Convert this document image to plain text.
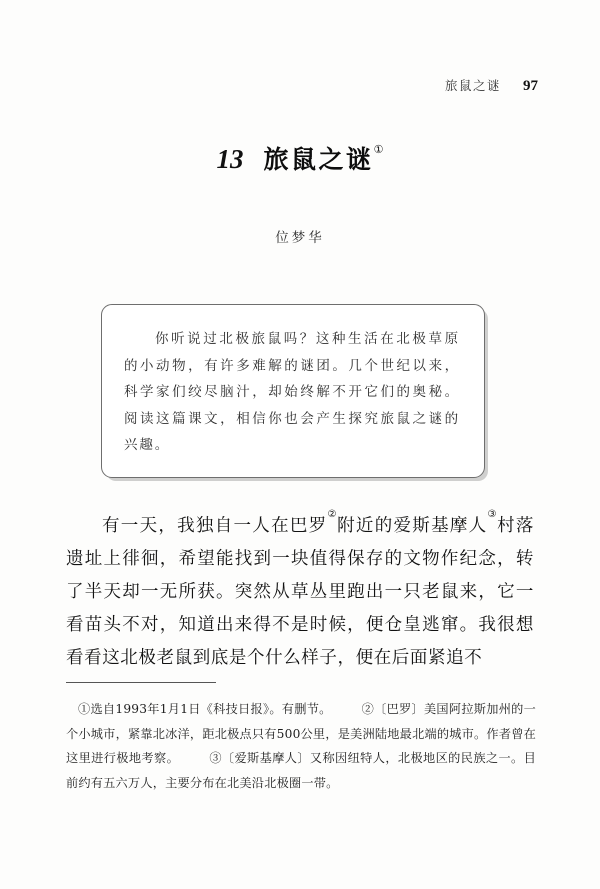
旅鼠之谜 97
13 旅鼠之谜①
位梦华
你听说过北极旅鼠吗？这种生活在北极草原的小动物，有许多难解的谜团。几个世纪以来，科学家们绞尽脑汁，却始终解不开它们的奥秘。阅读这篇课文，相信你也会产生探究旅鼠之谜的兴趣。
有一天，我独自一人在巴罗②附近的爱斯基摩人③村落遗址上徘徊，希望能找到一块值得保存的文物作纪念，转了半天却一无所获。突然从草丛里跑出一只老鼠来，它一看苗头不对，知道出来得不是时候，便仓皇逃窜。我很想看看这北极老鼠到底是个什么样子，便在后面紧追不
①选自1993年1月1日《科技日报》。有删节。 ②〔巴罗〕美国阿拉斯加州的一个小城市，紧靠北冰洋，距北极点只有500公里，是美洲陆地最北端的城市。作者曾在这里进行极地考察。 ③〔爱斯基摩人〕又称因纽特人，北极地区的民族之一。目前约有五六万人，主要分布在北美沿北极圈一带。
